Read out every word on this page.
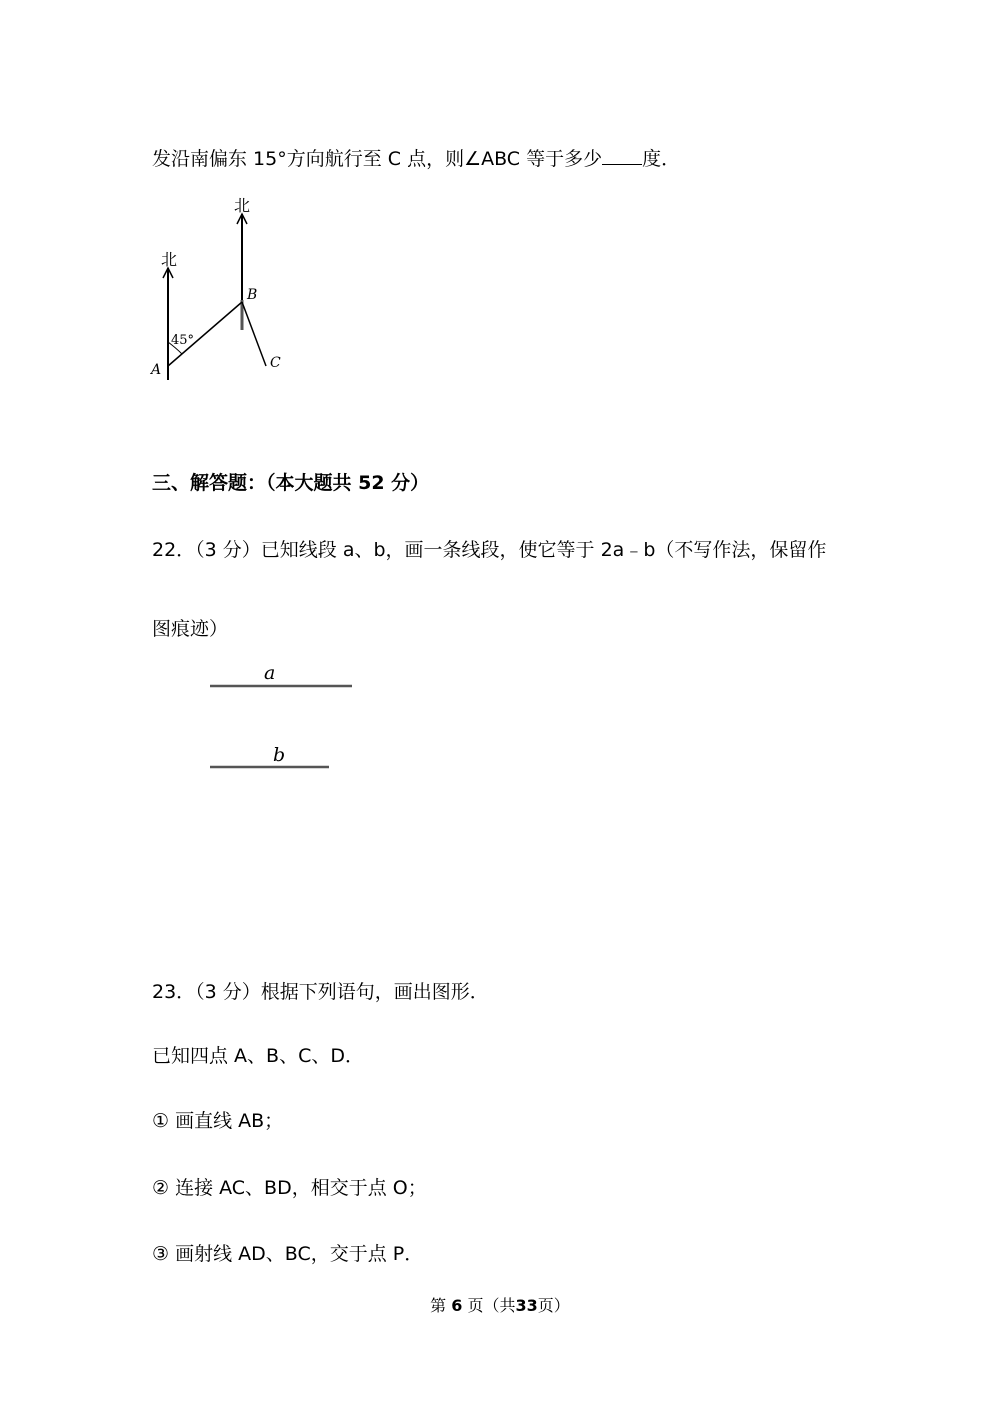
发沿南偏东 15°方向航行至 C 点，则∠ABC 等于多少 度．
北
北
45°
A
B
C
三、解答题：（本大题共 52 分）
22．（3 分）已知线段 a、b，画一条线段，使它等于 2a﹣b（不写作法，保留作
图痕迹）
a
b
23．（3 分）根据下列语句，画出图形．
已知四点 A、B、C、D．
① 画直线 AB；
② 连接 AC、BD，相交于点 O；
③ 画射线 AD、BC，交于点 P．
第 6 页（共33页）
